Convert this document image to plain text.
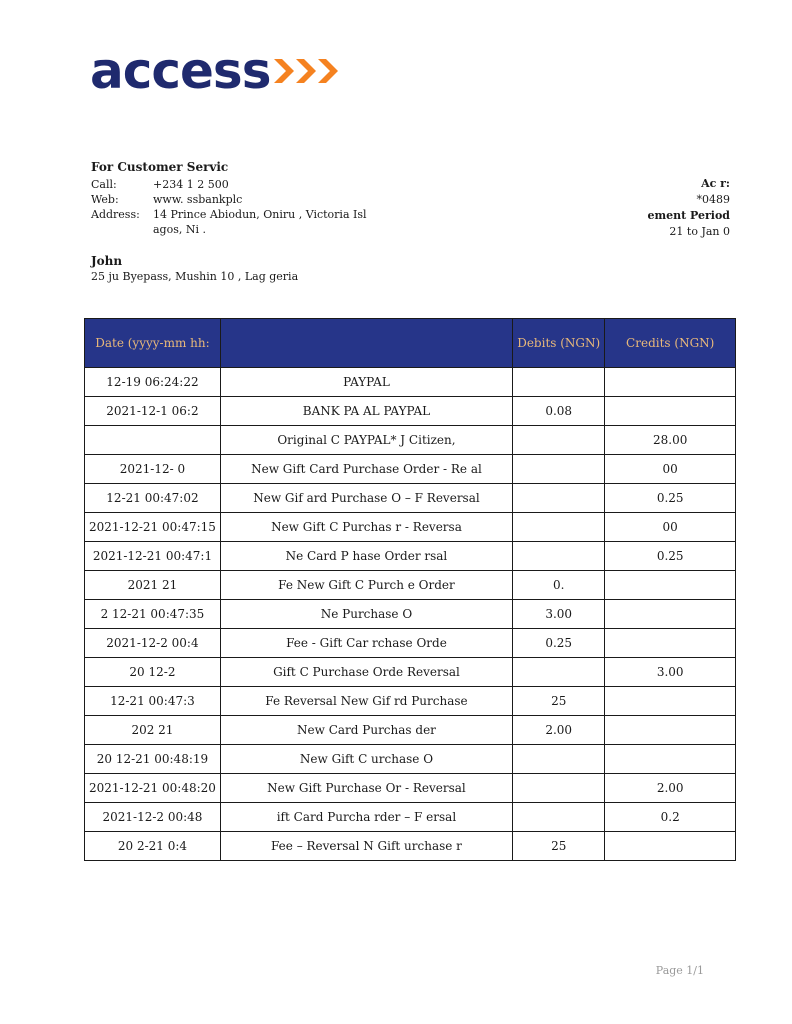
access
For Customer Servic
Call:	+234 1 2 500
Web:	www. ssbankplc
Address:	14 Prince Abiodun, Oniru , Victoria Isl
agos, Ni .
Ac r:
*0489
ement Period
21 to Jan 0
John
25 ju Byepass, Mushin 10 , Lag geria
Date (yyyy-mm hh:		Debits (NGN)	Credits (NGN)
12-19 06:24:22	PAYPAL		
2021-12-1 06:2	BANK PA AL PAYPAL	0.08	
	Original C PAYPAL* J Citizen,		28.00
2021-12- 0	New Gift Card Purchase Order - Re al		00
12-21 00:47:02	New Gif ard Purchase O – F Reversal		0.25
2021-12-21 00:47:15	New Gift C Purchas r - Reversa		00
2021-12-21 00:47:1	Ne Card P hase Order rsal		0.25
2021 21	Fe New Gift C Purch e Order	0.	
2 12-21 00:47:35	Ne Purchase O	3.00	
2021-12-2 00:4	Fee - Gift Car rchase Orde	0.25	
20 12-2	Gift C Purchase Orde Reversal		3.00
12-21 00:47:3	Fe Reversal New Gif rd Purchase	25	
202 21	New Card Purchas der	2.00	
20 12-21 00:48:19	New Gift C urchase O		
2021-12-21 00:48:20	New Gift Purchase Or - Reversal		2.00
2021-12-2 00:48	ift Card Purcha rder – F ersal		0.2
20 2-21 0:4	Fee – Reversal N Gift urchase r	25	
Page 1/1
